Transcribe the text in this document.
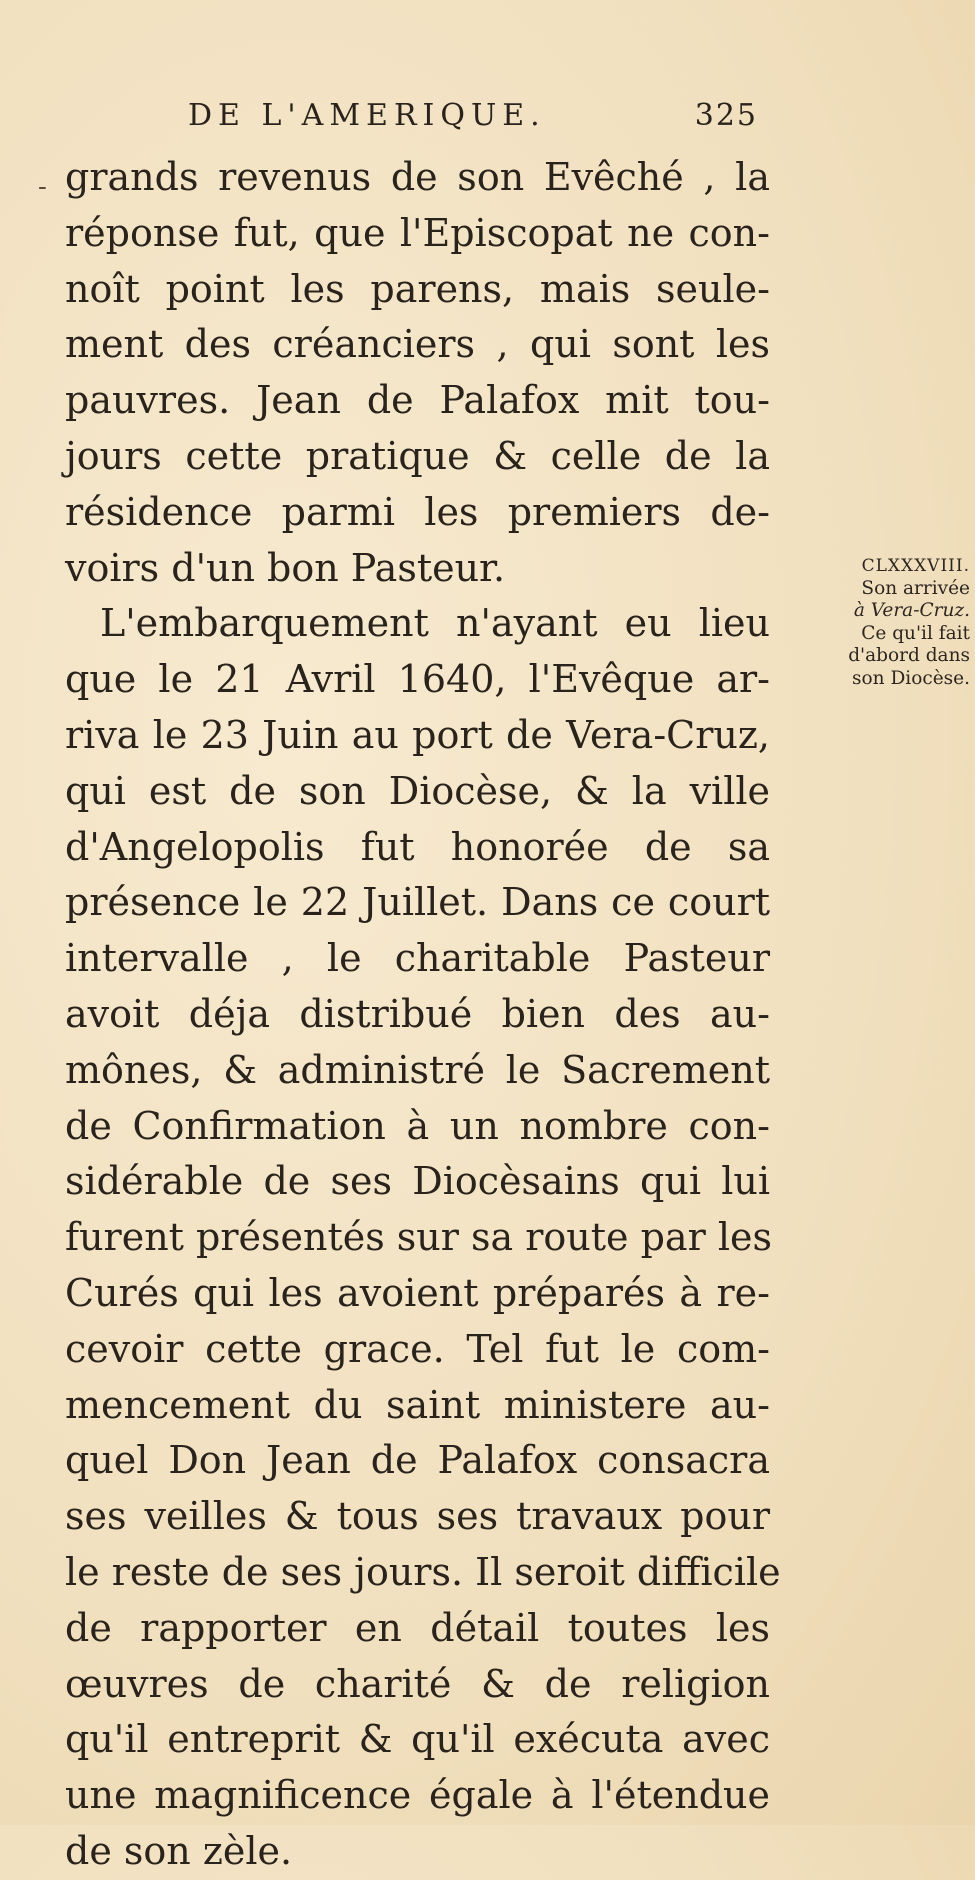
DE L'AMERIQUE.	325
grands revenus de son Evêché , la
réponse fut, que l'Episcopat ne con-
noît point les parens, mais seule-
ment des créanciers , qui sont les
pauvres. Jean de Palafox mit tou-
jours cette pratique & celle de la
résidence parmi les premiers de-
voirs d'un bon Pasteur.
L'embarquement n'ayant eu lieu
que le 21 Avril 1640, l'Evêque ar-
riva le 23 Juin au port de Vera-Cruz,
qui est de son Diocèse, & la ville
d'Angelopolis fut honorée de sa
présence le 22 Juillet. Dans ce court
intervalle , le charitable Pasteur
avoit déja distribué bien des au-
mônes, & administré le Sacrement
de Confirmation à un nombre con-
sidérable de ses Diocèsains qui lui
furent présentés sur sa route par les
Curés qui les avoient préparés à re-
cevoir cette grace. Tel fut le com-
mencement du saint ministere au-
quel Don Jean de Palafox consacra
ses veilles & tous ses travaux pour
le reste de ses jours. Il seroit difficile
de rapporter en détail toutes les
œuvres de charité & de religion
qu'il entreprit & qu'il exécuta avec
une magnificence égale à l'étendue
de son zèle.
CLXXXVIII.
Son arrivée
à Vera-Cruz.
Ce qu'il fait
d'abord dans
son Diocèse.
-
